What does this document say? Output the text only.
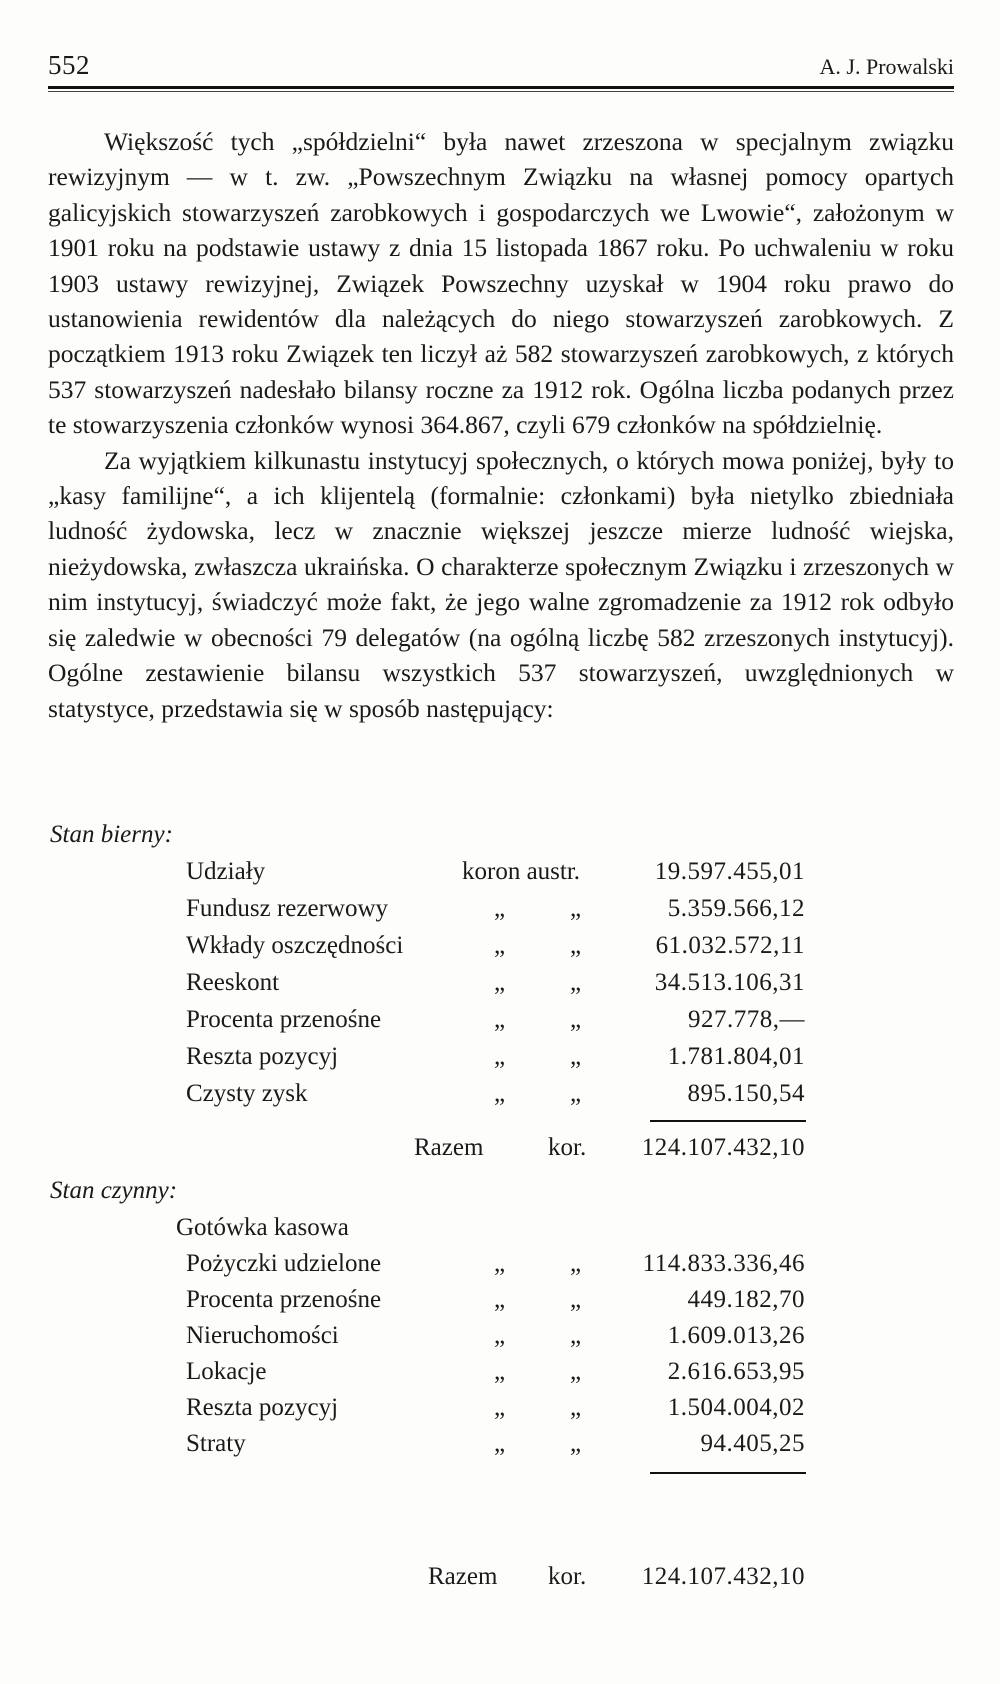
552	A. J. Prowalski

Większość tych „spółdzielni“ była nawet zrzeszona w specjalnym związku rewizyjnym — w t. zw. „Powszechnym Związku na własnej pomocy opartych galicyjskich stowarzyszeń zarobkowych i gospodarczych we Lwowie“, założonym w 1901 roku na podstawie ustawy z dnia 15 listopada 1867 roku. Po uchwaleniu w roku 1903 ustawy rewizyjnej, Związek Powszechny uzyskał w 1904 roku prawo do ustanowienia rewidentów dla należących do niego stowarzyszeń zarobkowych. Z początkiem 1913 roku Związek ten liczył aż 582 stowarzyszeń zarobkowych, z których 537 stowarzyszeń nadesłało bilansy roczne za 1912 rok. Ogólna liczba podanych przez te stowarzyszenia członków wynosi 364.867, czyli 679 członków na spółdzielnię.

Za wyjątkiem kilkunastu instytucyj społecznych, o których mowa poniżej, były to „kasy familijne“, a ich klijentelą (formalnie: członkami) była nietylko zbiedniała ludność żydowska, lecz w znacznie większej jeszcze mierze ludność wiejska, nieżydowska, zwłaszcza ukraińska. O charakterze społecznym Związku i zrzeszonych w nim instytucyj, świadczyć może fakt, że jego walne zgromadzenie za 1912 rok odbyło się zaledwie w obecności 79 delegatów (na ogólną liczbę 582 zrzeszonych instytucyj). Ogólne zestawienie bilansu wszystkich 537 stowarzyszeń, uwzględnionych w statystyce, przedstawia się w sposób następujący:

Stan bierny:
Udziały	koron austr.	19.597.455,01
Fundusz rezerwowy	„	„	5.359.566,12
Wkłady oszczędności	„	„	61.032.572,11
Reeskont	„	„	34.513.106,31
Procenta przenośne	„	„	927.778,—
Reszta pozycyj	„	„	1.781.804,01
Czysty zysk	„	„	895.150,54
Razem	kor. 124.107.432,10
Stan czynny:
Gotówka kasowa
Pożyczki udzielone	„	„ 114.833.336,46
Procenta przenośne	„	„	449.182,70
Nieruchomości	„	„	1.609.013,26
Lokacje	„	„	2.616.653,95
Reszta pozycyj	„	„	1.504.004,02
Straty	„	„	94.405,25
Razem kor. 124.107.432,10
